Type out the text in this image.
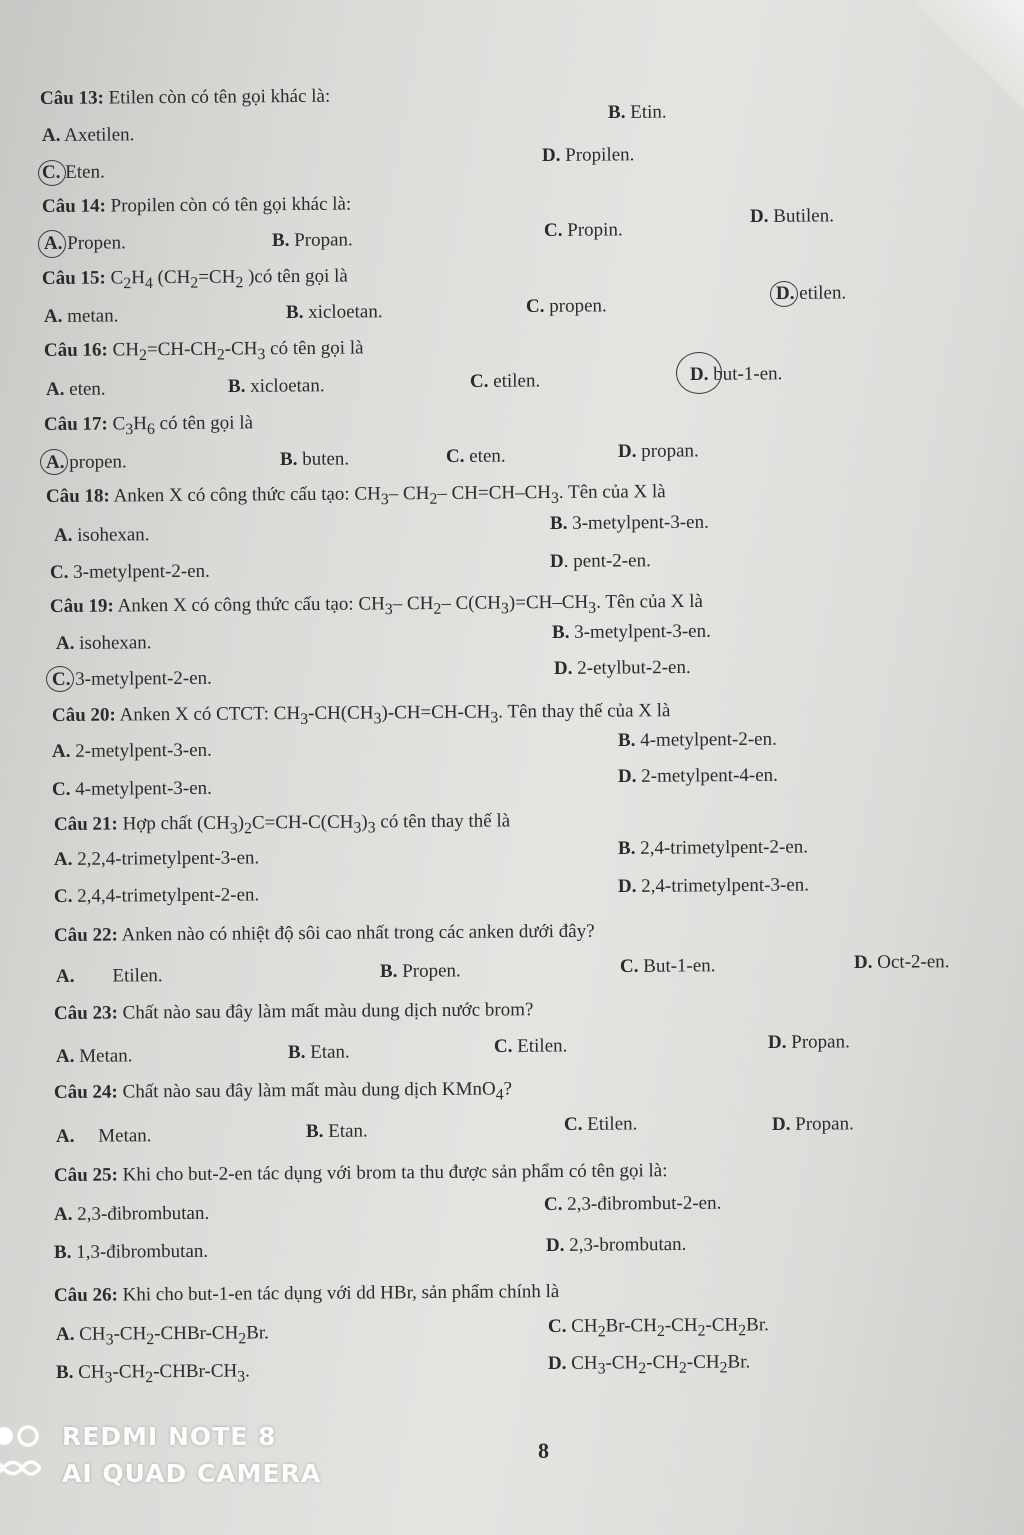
Câu 13: Etilen còn có tên gọi khác là:
B. Etin.
A. Axetilen.
D. Propilen.
C. Eten.
Câu 14: Propilen còn có tên gọi khác là:
A. Propen.	B. Propan.	C. Propin.
D. Butilen.
Câu 15: $C_2H_4$ ($CH_2=CH_2$ )có tên gọi là
A. metan.	B. xicloetan.	C. propen.
D. etilen.
Câu 16: $CH_2=CH-CH_2-CH_3$ có tên gọi là
A. eten.	B. xicloetan.	C. etilen.	D. but-1-en.
Câu 17: $C_3H_6$ có tên gọi là
A. propen.	B. buten.	C. eten.	D. propan.
Câu 18: Anken X có công thức cấu tạo: $CH_3-$ $CH_2-$ $CH=CH-CH_3$. Tên của X là
A. isohexan.
B. 3-metylpent-3-en.
C. 3-metylpent-2-en.	D. pent-2-en.
Câu 19: Anken X có công thức cấu tạo: $CH_3-$ $CH_2-$ $C(CH_3)=CH-CH_3$. Tên của X là
A. isohexan.	B. 3-metylpent-3-en.
C. 3-metylpent-2-en.	D. 2-etylbut-2-en.
Câu 20: Anken X có CTCT: $CH_3-CH(CH_3)-CH=CH-CH_3$. Tên thay thế của X là
A. 2-metylpent-3-en.	B. 4-metylpent-2-en.
C. 4-metylpent-3-en.
D. 2-metylpent-4-en.
Câu 21: Hợp chất $(CH_3)_2C=CH-C(CH_3)_3$ có tên thay thế là
A. 2,2,4-trimetylpent-3-en.	B. 2,4-trimetylpent-2-en.
C. 2,4,4-trimetylpent-2-en.	D. 2,4-trimetylpent-3-en.
Câu 22: Anken nào có nhiệt độ sôi cao nhất trong các anken dưới đây?
A. Etilen.	B. Propen.	C. But-1-en.	D. Oct-2-en.
Câu 23: Chất nào sau đây làm mất màu dung dịch nước brom?
A. Metan.	B. Etan.	C. Etilen.	D. Propan.
Câu 24: Chất nào sau đây làm mất màu dung dịch KMnO$_4$?
A. Metan.	B. Etan.	C. Etilen.	D. Propan.
Câu 25: Khi cho but-2-en tác dụng với brom ta thu được sản phẩm có tên gọi là:
A. 2,3-đibrombutan.	C. 2,3-đibrombut-2-en.
B. 1,3-đibrombutan.	D. 2,3-brombutan.
Câu 26: Khi cho but-1-en tác dụng với dd HBr, sản phẩm chính là
A. $CH_3-CH_2-CHBr-CH_2Br$.	C. $CH_2Br-CH_2-CH_2-CH_2Br$.
B. $CH_3-CH_2-CHBr-CH_3$.	D. $CH_3-CH_2-CH_2-CH_2Br$.
8
REDMI NOTE 8
AI QUAD CAMERA
